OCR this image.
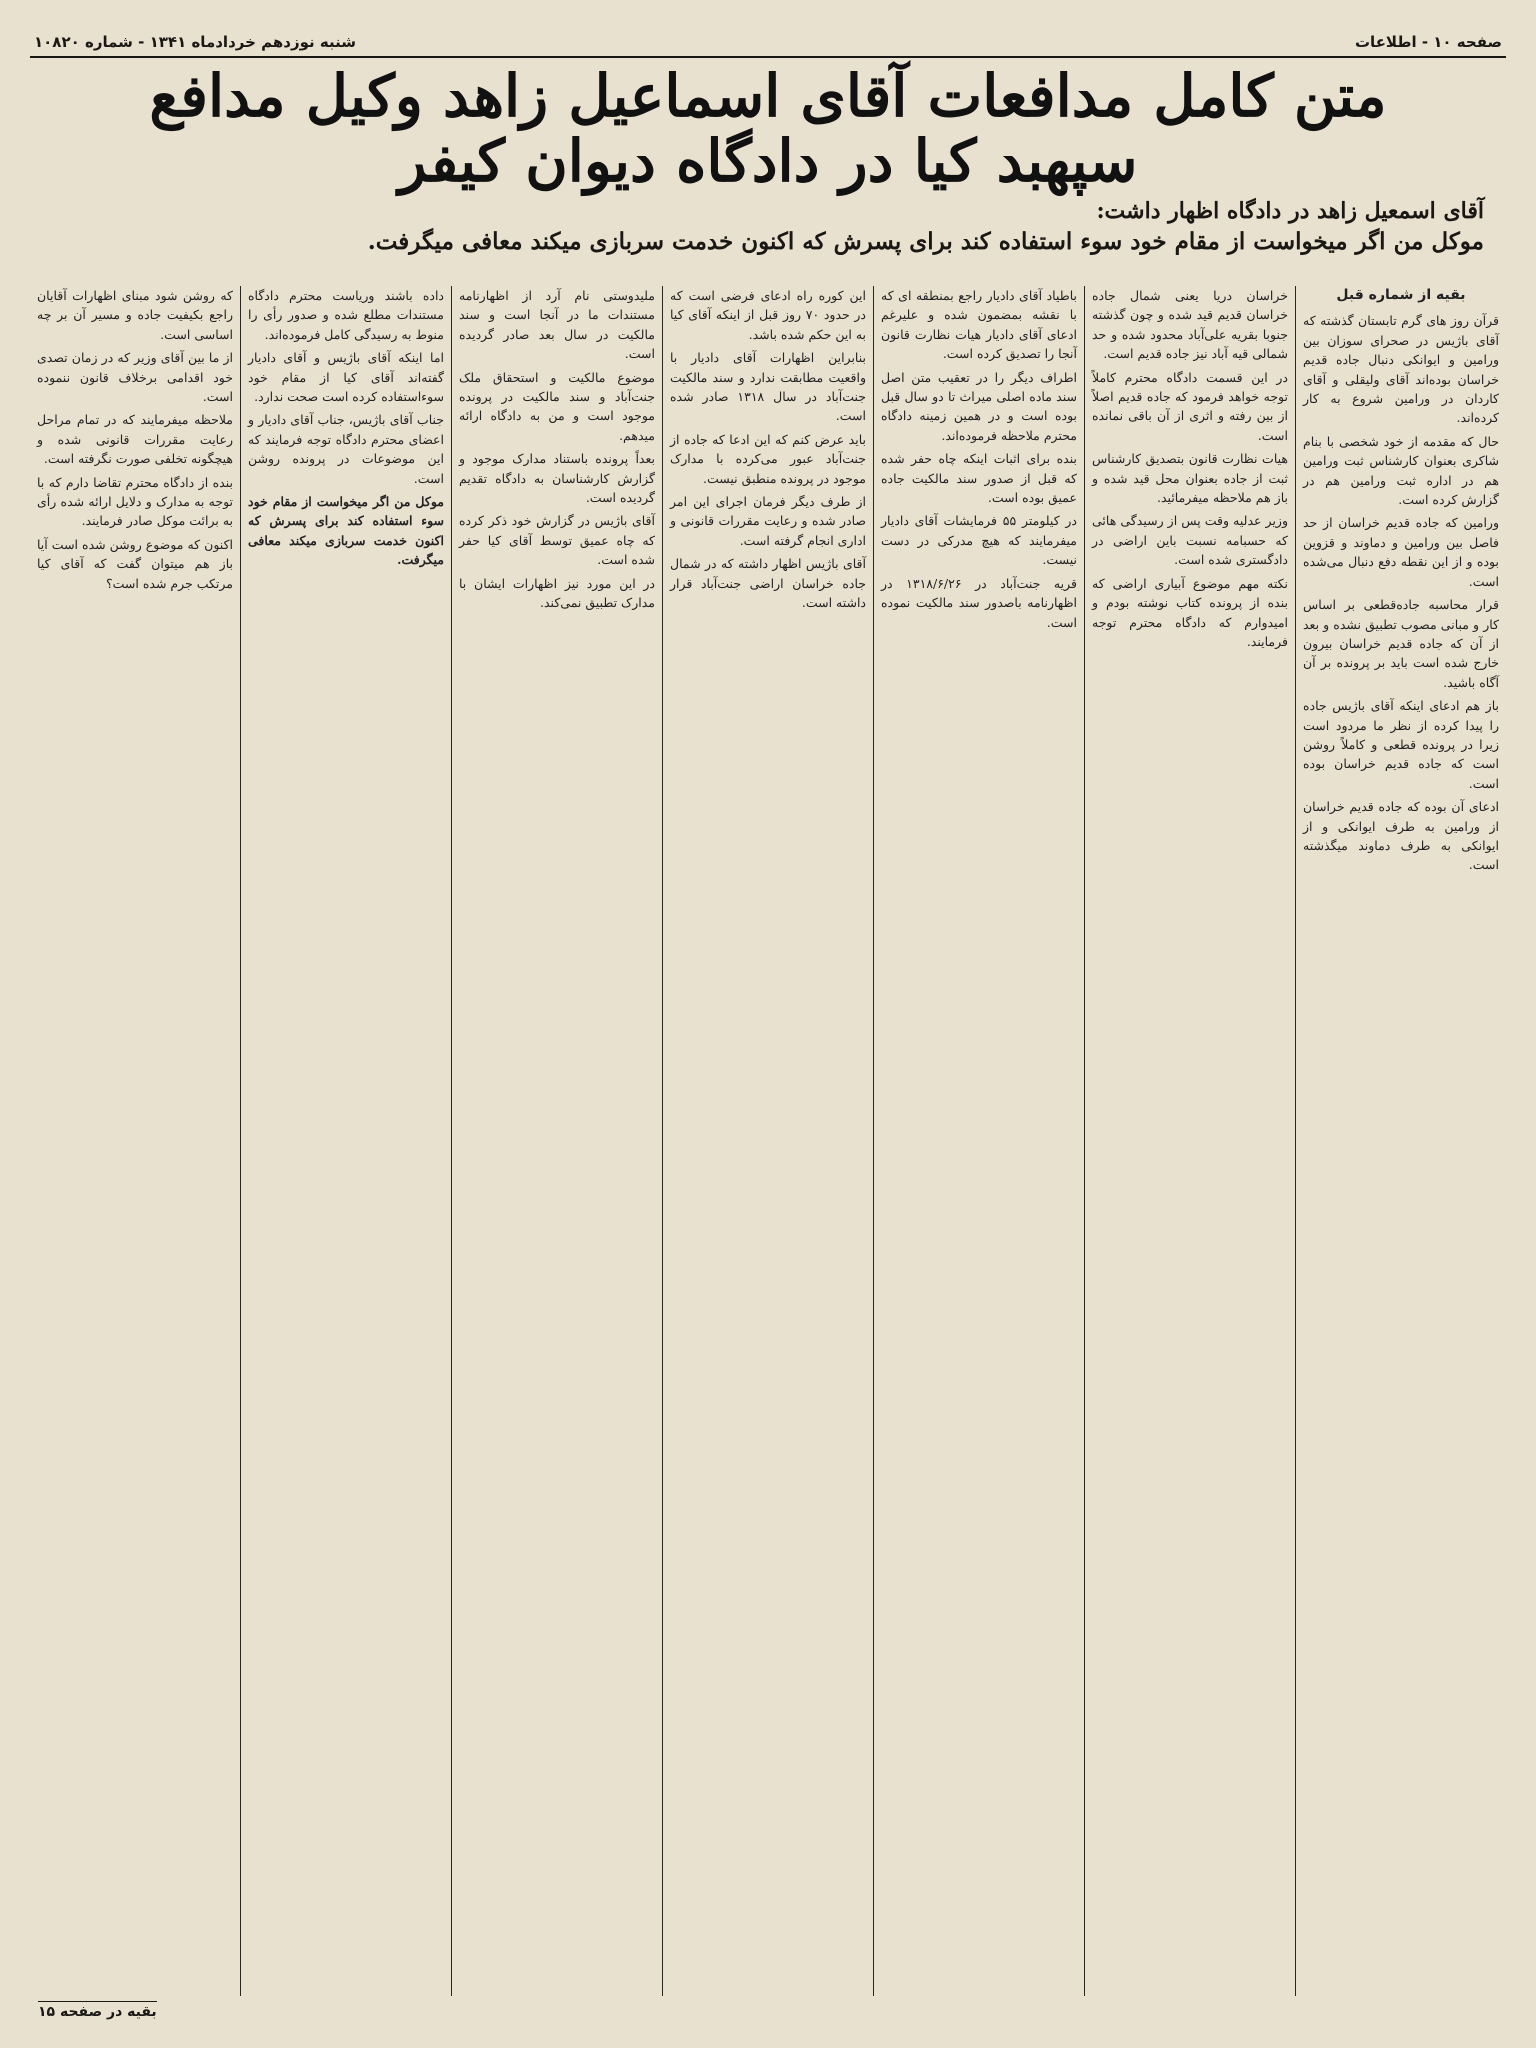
صفحه ۱۰ - اطلاعات
شنبه نوزدهم خردادماه ۱۳۴۱ - شماره ۱۰۸۲۰
متن کامل مدافعات آقای اسماعیل زاهد وکیل مدافع
سپهبد کیا در دادگاه دیوان کیفر
آقای اسمعیل زاهد در دادگاه اظهار داشت:
موکل من اگر میخواست از مقام خود سوء استفاده کند برای پسرش که اکنون خدمت سربازی میکند معافی میگرفت.
بقیه از شماره قبل

قرآن روز های گرم تابستان گذشته که آقای باژیس در صحرای سوزان بین ورامین و ایوانکی دنبال جاده قدیم خراسان بوده‌اند آقای ولیقلی و آقای کاردان در ورامین شروع به کار کرده‌اند.

حال که مقدمه از خود شخصی با بنام شاکری بعنوان کارشناس ثبت ورامین هم در اداره ثبت ورامین هم در گزارش کرده است.

ورامین که جاده قدیم خراسان از حد فاصل بین ورامین و دماوند و قزوین بوده و از این نقطه دفع دنبال می‌شده است.

قرار محاسبه جاده‌قطعی بر اساس کار و مبانی مصوب تطبیق نشده و بعد از آن که جاده قدیم خراسان بیرون خارج شده است باید بر پرونده بر آن آگاه باشید.

باز هم ادعای اینکه آقای باژیس جاده را پیدا کرده از نظر ما مردود است زیرا در پرونده قطعی و کاملاً روشن است که جاده قدیم خراسان بوده است.

ادعای آن بوده که جاده قدیم خراسان از ورامین به طرف ایوانکی و از ایوانکی به طرف دماوند میگذشته است.

خراسان دریا یعنی شمال جاده خراسان قدیم قید شده و چون گذشته جنوبا بقریه علی‌آباد محدود شده و حد شمالی قیه آباد نیز جاده قدیم است.

در این قسمت دادگاه محترم کاملاً توجه خواهد فرمود که جاده قدیم اصلاً از بین رفته و اثری از آن باقی نمانده است.

هیات نظارت قانون بتصدیق کارشناس ثبت از جاده بعنوان محل قید شده و باز هم ملاحظه میفرمائید.

وزیر عدلیه وقت پس از رسیدگی هائی که حسبامه نسبت باین اراضی در دادگستری شده است.

نکته مهم موضوع آبیاری اراضی که بنده از پرونده کتاب نوشته بودم و امیدوارم که دادگاه محترم توجه فرمایند.

باطیاد آقای دادیار راجع بمنطقه ای که با نقشه بمضمون شده و علیرغم ادعای آقای دادیار هیات نظارت قانون آنجا را تصدیق کرده است.

اطراف دیگر را در تعقیب متن اصل سند ماده اصلی میراث تا دو سال قبل بوده است و در همین زمینه دادگاه محترم ملاحظه فرموده‌اند.

بنده برای اثبات اینکه چاه حفر شده که قبل از صدور سند مالکیت جاده عمیق بوده است.

در کیلومتر ۵۵ فرمایشات آقای دادیار میفرمایند که هیچ مدرکی در دست نیست.

قریه جنت‌آباد در ۱۳۱۸/۶/۲۶ در اظهارنامه باصدور سند مالکیت نموده است.

این کوره راه ادعای فرضی است که در حدود ۷۰ روز قبل از اینکه آقای کیا به این حکم شده باشد.

بنابراین اظهارات آقای دادیار با واقعیت مطابقت ندارد و سند مالکیت جنت‌آباد در سال ۱۳۱۸ صادر شده است.

باید عرض کنم که این ادعا که جاده از جنت‌آباد عبور می‌کرده با مدارک موجود در پرونده منطبق نیست.

از طرف دیگر فرمان اجرای این امر صادر شده و رعایت مقررات قانونی و اداری انجام گرفته است.

آقای باژیس اظهار داشته که در شمال جاده خراسان اراضی جنت‌آباد قرار داشته است.

ملیدوستی نام آرد از اظهارنامه مستندات ما در آنجا است و سند مالکیت در سال بعد صادر گردیده است.

موضوع مالکیت و استحقاق ملک جنت‌آباد و سند مالکیت در پرونده موجود است و من به دادگاه ارائه میدهم.

بعداً پرونده باستناد مدارک موجود و گزارش کارشناسان به دادگاه تقدیم گردیده است.

آقای باژیس در گزارش خود ذکر کرده که چاه عمیق توسط آقای کیا حفر شده است.

در این مورد نیز اظهارات ایشان با مدارک تطبیق نمی‌کند.

داده باشند ورياست محترم دادگاه مستندات مطلع شده و صدور رأی را منوط به رسیدگی کامل فرموده‌اند.

اما اینکه آقای باژیس و آقای دادیار گفته‌اند آقای کیا از مقام خود سوءاستفاده کرده است صحت ندارد.

جناب آقای باژیس، جناب آقای دادیار و اعضای محترم دادگاه توجه فرمایند که این موضوعات در پرونده روشن است.

موکل من اگر میخواست از مقام خود سوء استفاده کند برای پسرش که اکنون خدمت سربازی میکند معافی میگرفت.

که روشن شود مبنای اظهارات آقایان راجع بکیفیت جاده و مسیر آن بر چه اساسی است.

از ما بین آقای وزیر که در زمان تصدی خود اقدامی برخلاف قانون ننموده است.

ملاحظه میفرمایند که در تمام مراحل رعایت مقررات قانونی شده و هیچگونه تخلفی صورت نگرفته است.

بنده از دادگاه محترم تقاضا دارم که با توجه به مدارک و دلایل ارائه شده رأی به برائت موکل صادر فرمایند.

اکنون که موضوع روشن شده است آیا باز هم میتوان گفت که آقای کیا مرتکب جرم شده است؟

بقیه در صفحه ۱۵
